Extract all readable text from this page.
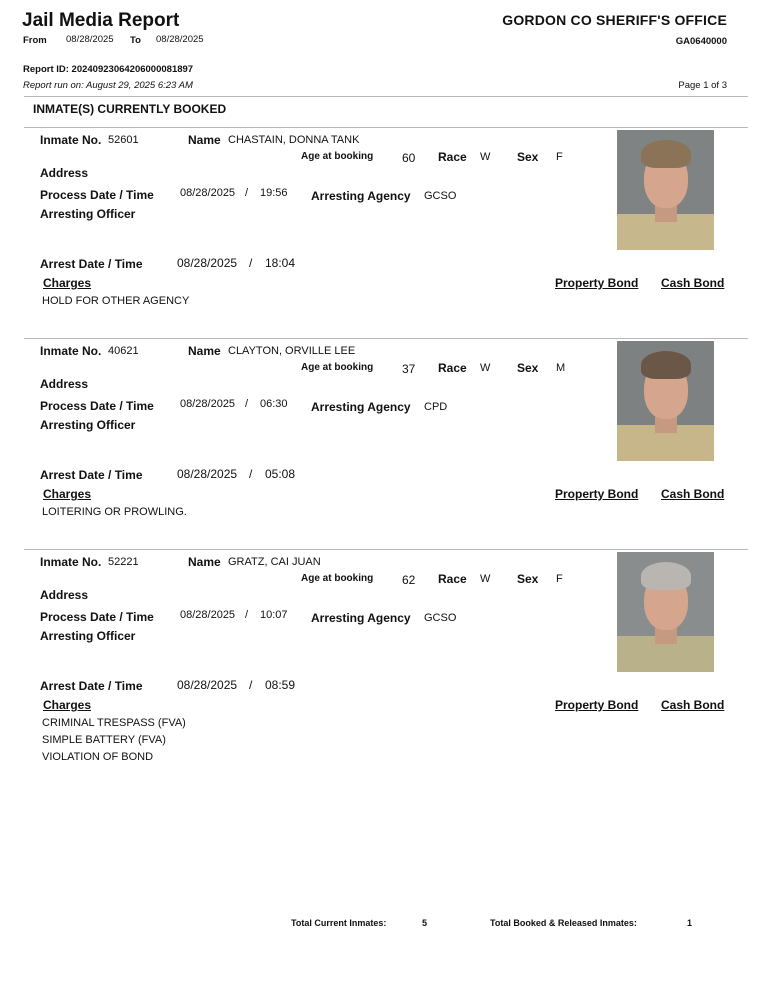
Jail Media Report	GORDON CO SHERIFF'S OFFICE
From 08/28/2025 To 08/28/2025	GA0640000
Report ID: 20240923064206000081897
Report run on: August 29, 2025 6:23 AM	Page 1 of 3
INMATE(S) CURRENTLY BOOKED
Inmate No. 52601	Name CHASTAIN, DONNA TANK
Age at booking 60 Race W Sex F
Address
Process Date / Time 08/28/2025 / 19:56 Arresting Agency GCSO
Arresting Officer
Arrest Date / Time	08/28/2025 / 18:04
Charges	Property Bond Cash Bond
HOLD FOR OTHER AGENCY
Inmate No. 40621	Name CLAYTON, ORVILLE LEE
Age at booking 37 Race W Sex M
Address
Process Date / Time 08/28/2025 / 06:30 Arresting Agency CPD
Arresting Officer
Arrest Date / Time	08/28/2025 / 05:08
Charges	Property Bond Cash Bond
LOITERING OR PROWLING.
Inmate No. 52221	Name GRATZ, CAI JUAN
Age at booking 62 Race W Sex F
Address
Process Date / Time 08/28/2025 / 10:07 Arresting Agency GCSO
Arresting Officer
Arrest Date / Time	08/28/2025 / 08:59
Charges	Property Bond Cash Bond
CRIMINAL TRESPASS (FVA)
SIMPLE BATTERY (FVA)
VIOLATION OF BOND
Total Current Inmates:	5	Total Booked & Released Inmates:	1
